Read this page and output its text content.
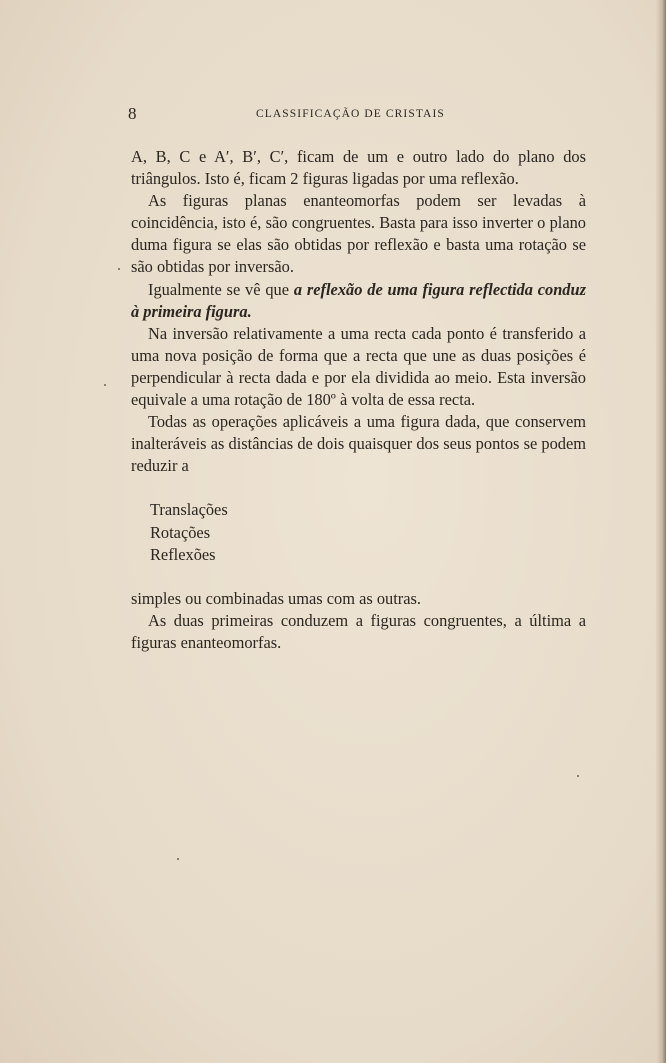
8	CLASSIFICAÇÃO DE CRISTAIS

A, B, C e A′, B′, C′, ficam de um e outro lado do plano dos triângulos. Isto é, ficam 2 figuras ligadas por uma reflexão.

As figuras planas enanteomorfas podem ser levadas à coincidência, isto é, são congruentes. Basta para isso inverter o plano duma figura se elas são obtidas por reflexão e basta uma rotação se são obtidas por inversão.

Igualmente se vê que a reflexão de uma figura reflectida conduz à primeira figura.

Na inversão relativamente a uma recta cada ponto é transferido a uma nova posição de forma que a recta que une as duas posições é perpendicular à recta dada e por ela dividida ao meio. Esta inversão equivale a uma rotação de 180º à volta de essa recta.

Todas as operações aplicáveis a uma figura dada, que conservem inalteráveis as distâncias de dois quaisquer dos seus pontos se podem reduzir a

Translações
Rotações
Reflexões

simples ou combinadas umas com as outras.

As duas primeiras conduzem a figuras congruentes, a última a figuras enanteomorfas.
